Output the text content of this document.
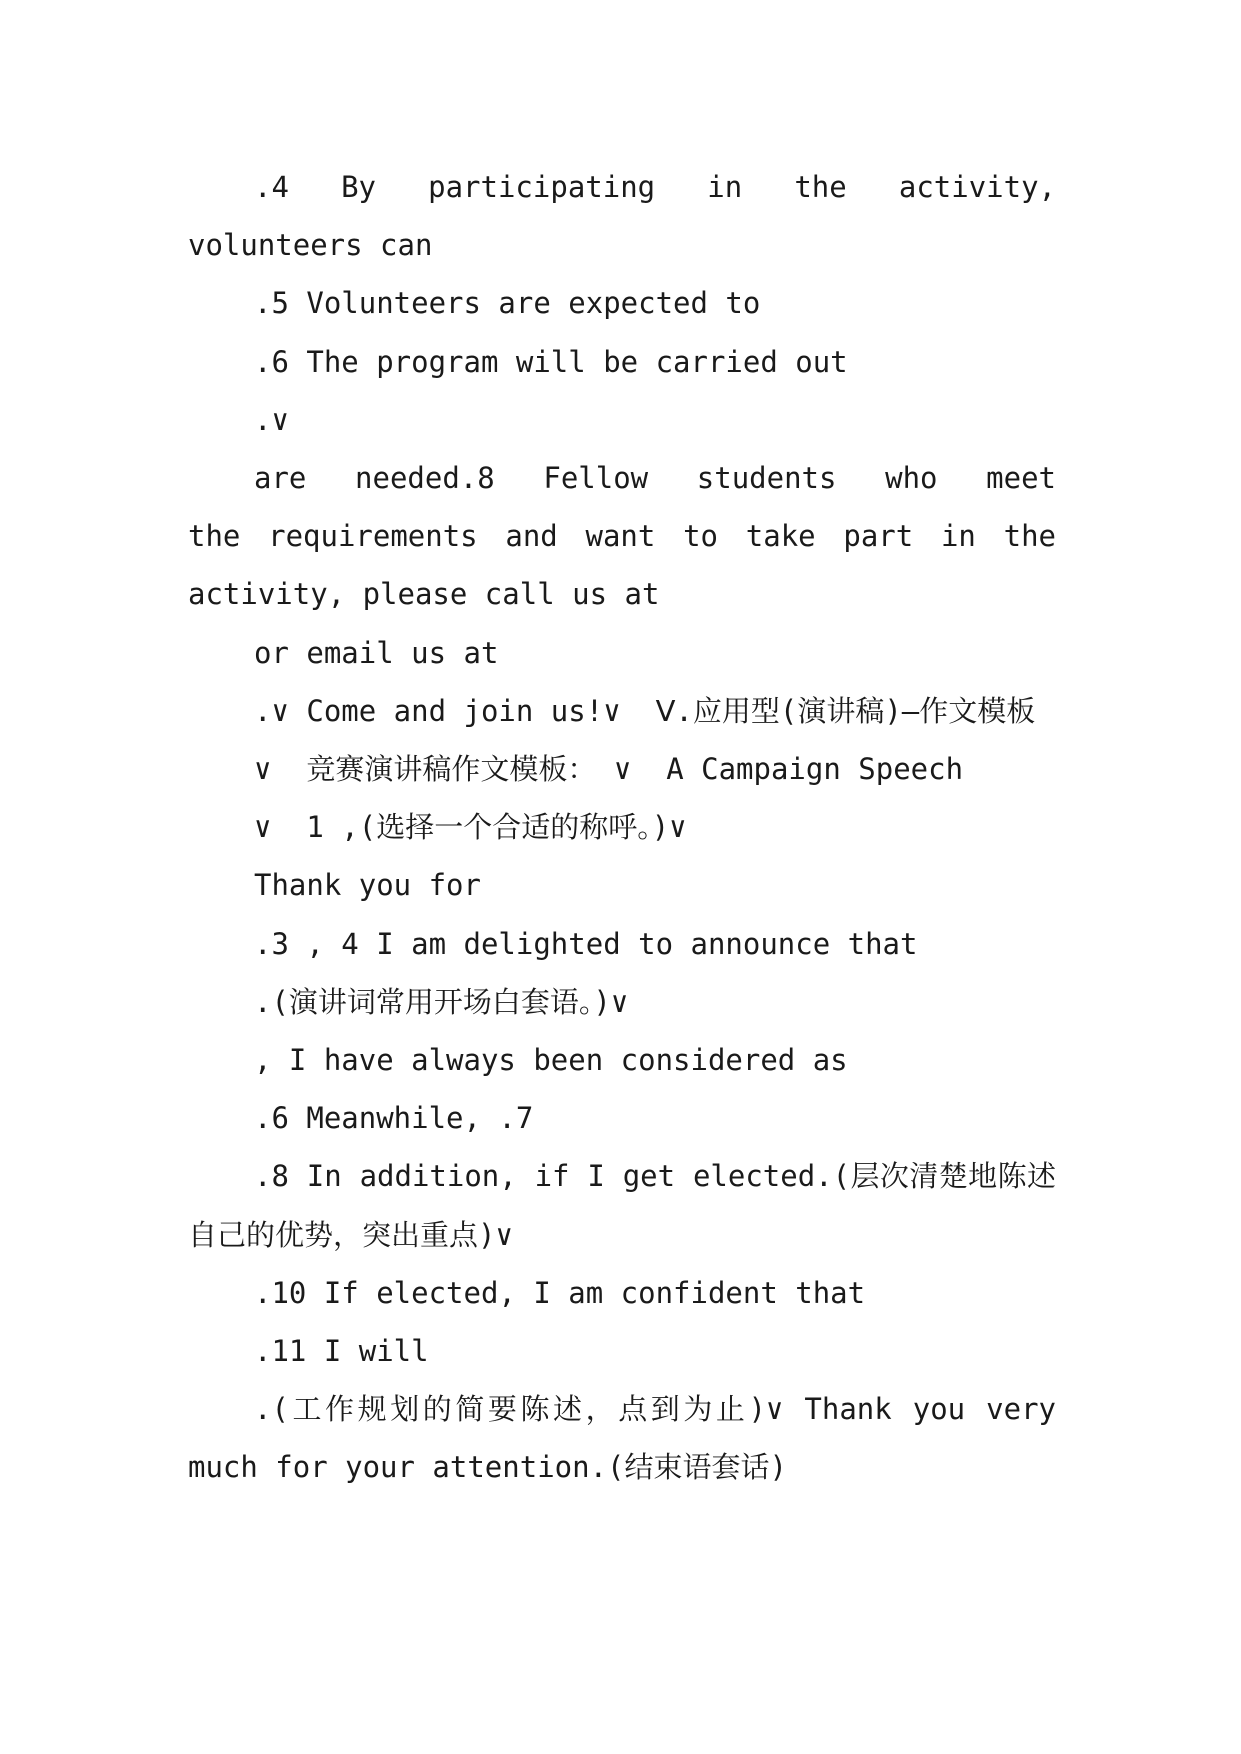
.4 By participating in the activity, volunteers can

.5 Volunteers are expected to

.6 The program will be carried out

.∨

are  needed.8  Fellow  students  who  meet  the requirements and want to take part in the activity, please call us at

or email us at

.∨ Come and join us!∨  Ⅴ.应用型(演讲稿)—作文模板

∨  竞赛演讲稿作文模板： ∨  A Campaign Speech

∨  1 ,(选择一个合适的称呼。)∨

Thank you for

.3 , 4 I am delighted to announce that

.(演讲词常用开场白套语。)∨

, I have always been considered as

.6 Meanwhile, .7

.8 In addition, if I get elected.(层次清楚地陈述自己的优势，突出重点)∨

.10 If elected, I am confident that

.11 I will

.(工作规划的简要陈述，点到为止)∨ Thank you very much for your attention.(结束语套话)
